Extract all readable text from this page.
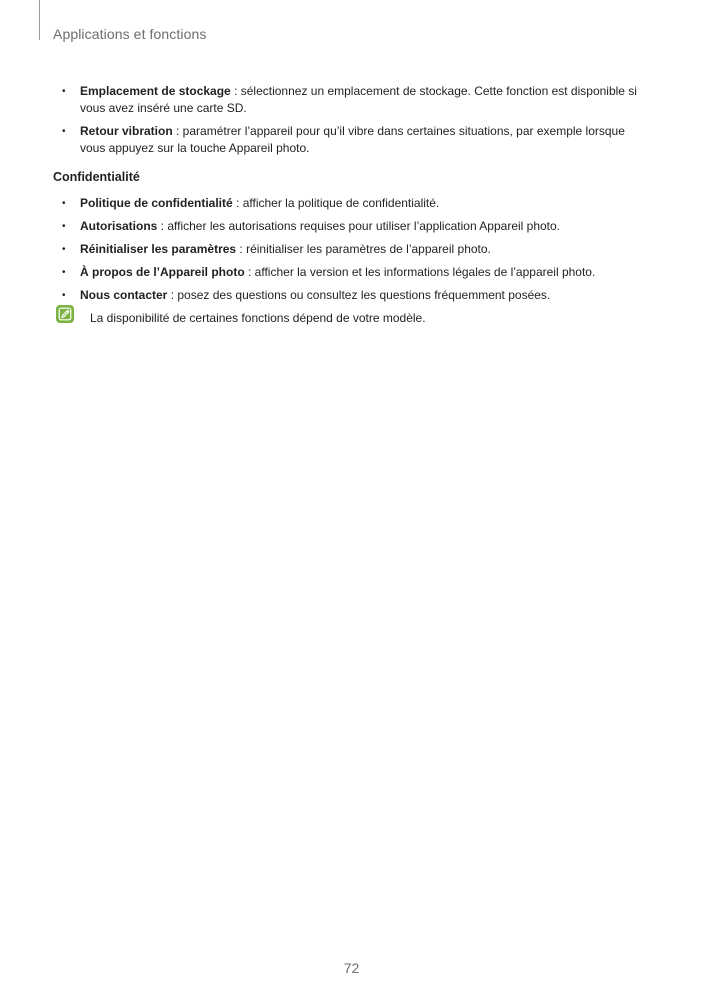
Applications et fonctions
• Emplacement de stockage : sélectionnez un emplacement de stockage. Cette fonction est disponible si vous avez inséré une carte SD.
• Retour vibration : paramétrer l’appareil pour qu’il vibre dans certaines situations, par exemple lorsque vous appuyez sur la touche Appareil photo.
Confidentialité
• Politique de confidentialité : afficher la politique de confidentialité.
• Autorisations : afficher les autorisations requises pour utiliser l’application Appareil photo.
• Réinitialiser les paramètres : réinitialiser les paramètres de l’appareil photo.
• À propos de l’Appareil photo : afficher la version et les informations légales de l’appareil photo.
• Nous contacter : posez des questions ou consultez les questions fréquemment posées.
La disponibilité de certaines fonctions dépend de votre modèle.
72
